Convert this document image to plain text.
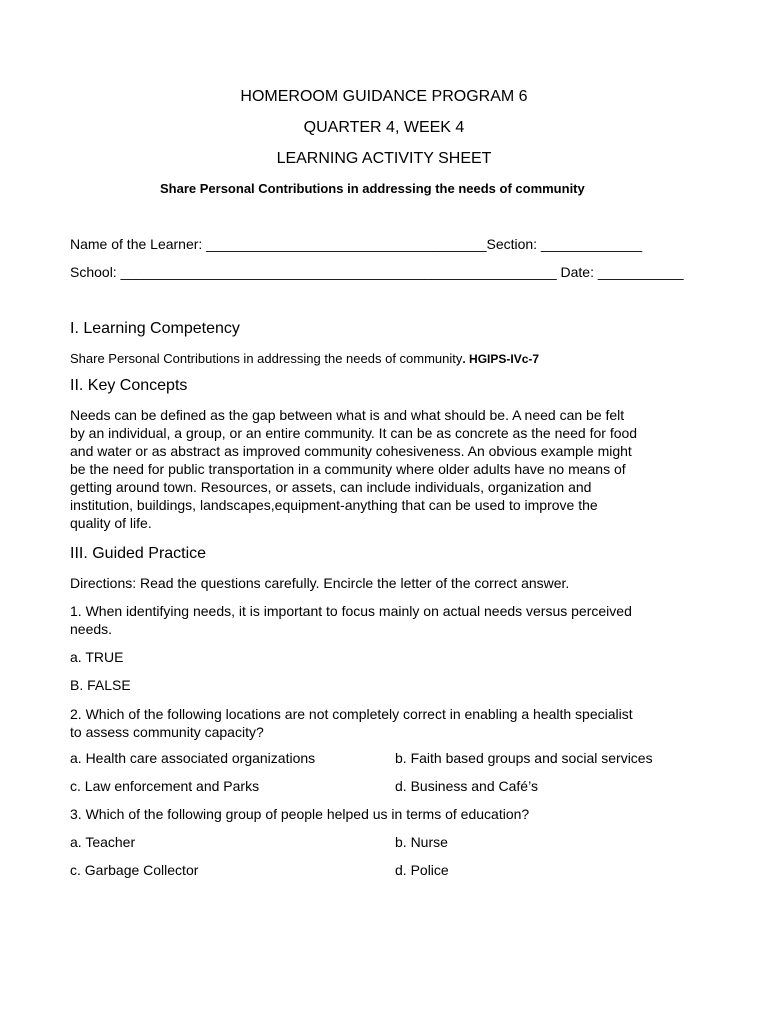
HOMEROOM GUIDANCE PROGRAM 6
QUARTER 4, WEEK 4
LEARNING ACTIVITY SHEET
Share Personal Contributions in addressing the needs of community
Name of the Learner: ____________________________________Section: _____________
School: ________________________________________________________ Date: ___________
I. Learning Competency
Share Personal Contributions in addressing the needs of community. HGIPS-IVc-7
II. Key Concepts
Needs can be defined as the gap between what is and what should be. A need can be felt
by an individual, a group, or an entire community. It can be as concrete as the need for food
and water or as abstract as improved community cohesiveness. An obvious example might
be the need for public transportation in a community where older adults have no means of
getting around town. Resources, or assets, can include individuals, organization and
institution, buildings, landscapes,equipment-anything that can be used to improve the
quality of life.
III. Guided Practice
Directions: Read the questions carefully. Encircle the letter of the correct answer.
1. When identifying needs, it is important to focus mainly on actual needs versus perceived
needs.
a. TRUE
B. FALSE
2. Which of the following locations are not completely correct in enabling a health specialist
to assess community capacity?
a. Health care associated organizations	b. Faith based groups and social services
c. Law enforcement and Parks	d. Business and Café’s
3. Which of the following group of people helped us in terms of education?
a. Teacher	b. Nurse
c. Garbage Collector	d. Police
